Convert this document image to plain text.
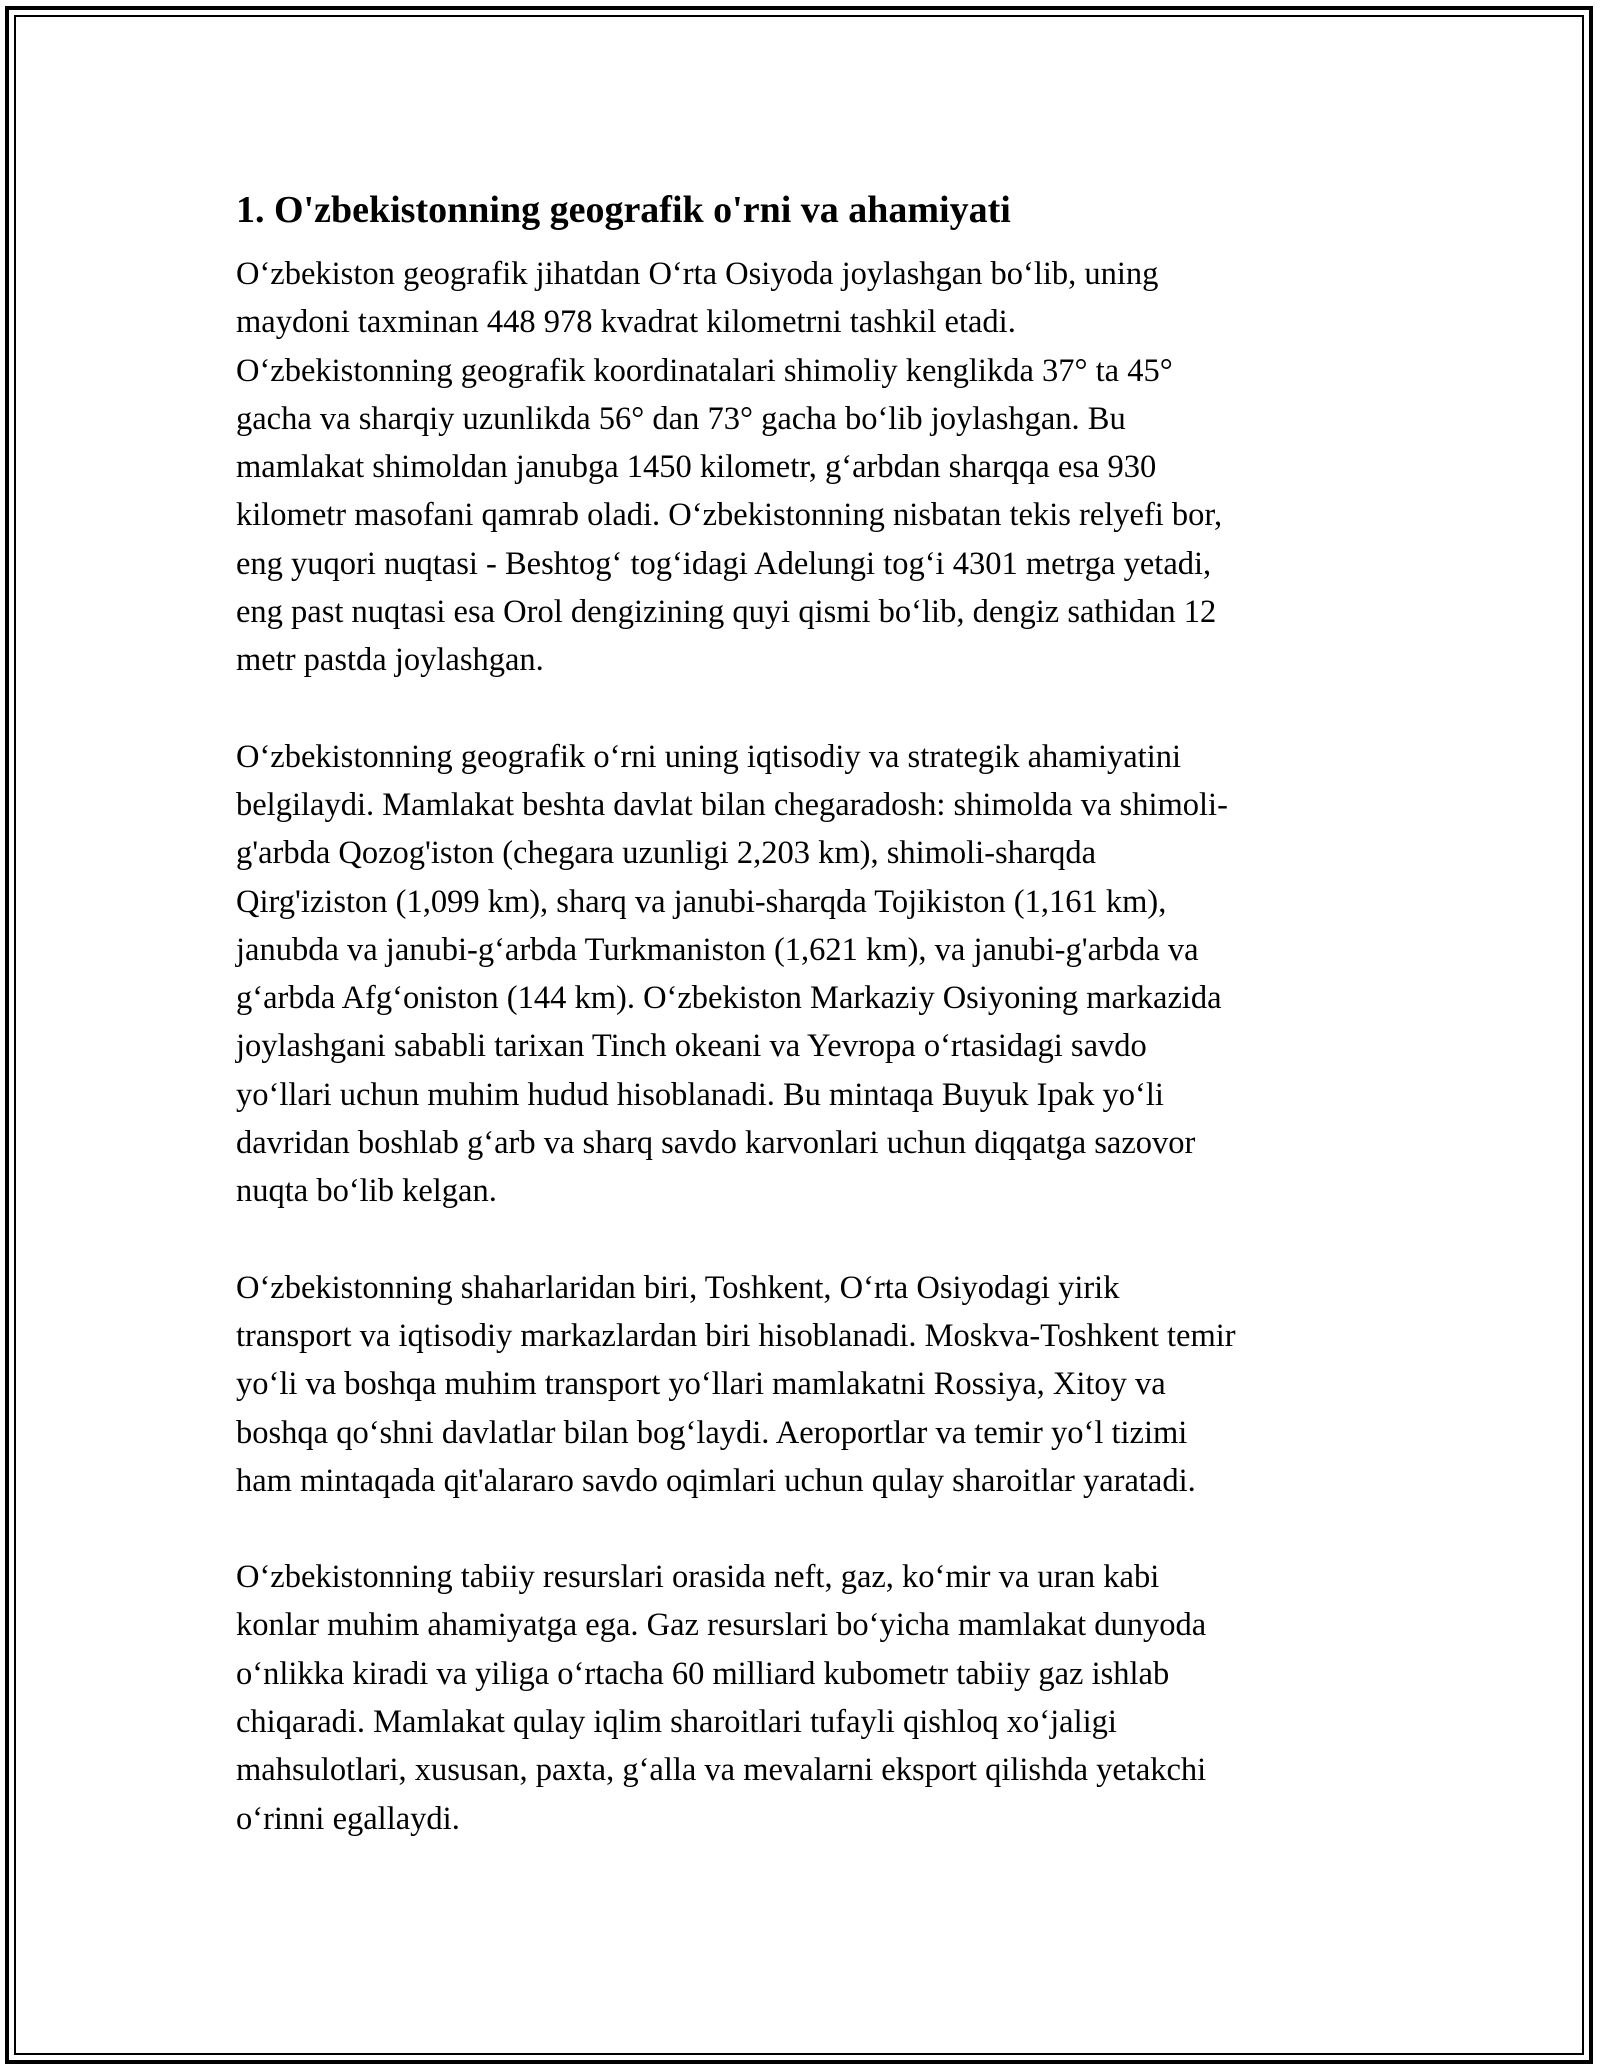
1. O'zbekistonning geografik o'rni va ahamiyati
O‘zbekiston geografik jihatdan O‘rta Osiyoda joylashgan bo‘lib, uning
maydoni taxminan 448 978 kvadrat kilometrni tashkil etadi.
O‘zbekistonning geografik koordinatalari shimoliy kenglikda 37° ta 45°
gacha va sharqiy uzunlikda 56° dan 73° gacha bo‘lib joylashgan. Bu
mamlakat shimoldan janubga 1450 kilometr, g‘arbdan sharqqa esa 930
kilometr masofani qamrab oladi. O‘zbekistonning nisbatan tekis relyefi bor,
eng yuqori nuqtasi - Beshtog‘ tog‘idagi Adelungi tog‘i 4301 metrga yetadi,
eng past nuqtasi esa Orol dengizining quyi qismi bo‘lib, dengiz sathidan 12
metr pastda joylashgan.
O‘zbekistonning geografik o‘rni uning iqtisodiy va strategik ahamiyatini
belgilaydi. Mamlakat beshta davlat bilan chegaradosh: shimolda va shimoli-
g'arbda Qozog'iston (chegara uzunligi 2,203 km), shimoli-sharqda
Qirg'iziston (1,099 km), sharq va janubi-sharqda Tojikiston (1,161 km),
janubda va janubi-g‘arbda Turkmaniston (1,621 km), va janubi-g'arbda va
g‘arbda Afg‘oniston (144 km). O‘zbekiston Markaziy Osiyoning markazida
joylashgani sababli tarixan Tinch okeani va Yevropa o‘rtasidagi savdo
yo‘llari uchun muhim hudud hisoblanadi. Bu mintaqa Buyuk Ipak yo‘li
davridan boshlab g‘arb va sharq savdo karvonlari uchun diqqatga sazovor
nuqta bo‘lib kelgan.
O‘zbekistonning shaharlaridan biri, Toshkent, O‘rta Osiyodagi yirik
transport va iqtisodiy markazlardan biri hisoblanadi. Moskva-Toshkent temir
yo‘li va boshqa muhim transport yo‘llari mamlakatni Rossiya, Xitoy va
boshqa qo‘shni davlatlar bilan bog‘laydi. Aeroportlar va temir yo‘l tizimi
ham mintaqada qit'alararo savdo oqimlari uchun qulay sharoitlar yaratadi.
O‘zbekistonning tabiiy resurslari orasida neft, gaz, ko‘mir va uran kabi
konlar muhim ahamiyatga ega. Gaz resurslari bo‘yicha mamlakat dunyoda
o‘nlikka kiradi va yiliga o‘rtacha 60 milliard kubometr tabiiy gaz ishlab
chiqaradi. Mamlakat qulay iqlim sharoitlari tufayli qishloq xo‘jaligi
mahsulotlari, xususan, paxta, g‘alla va mevalarni eksport qilishda yetakchi
o‘rinni egallaydi.
